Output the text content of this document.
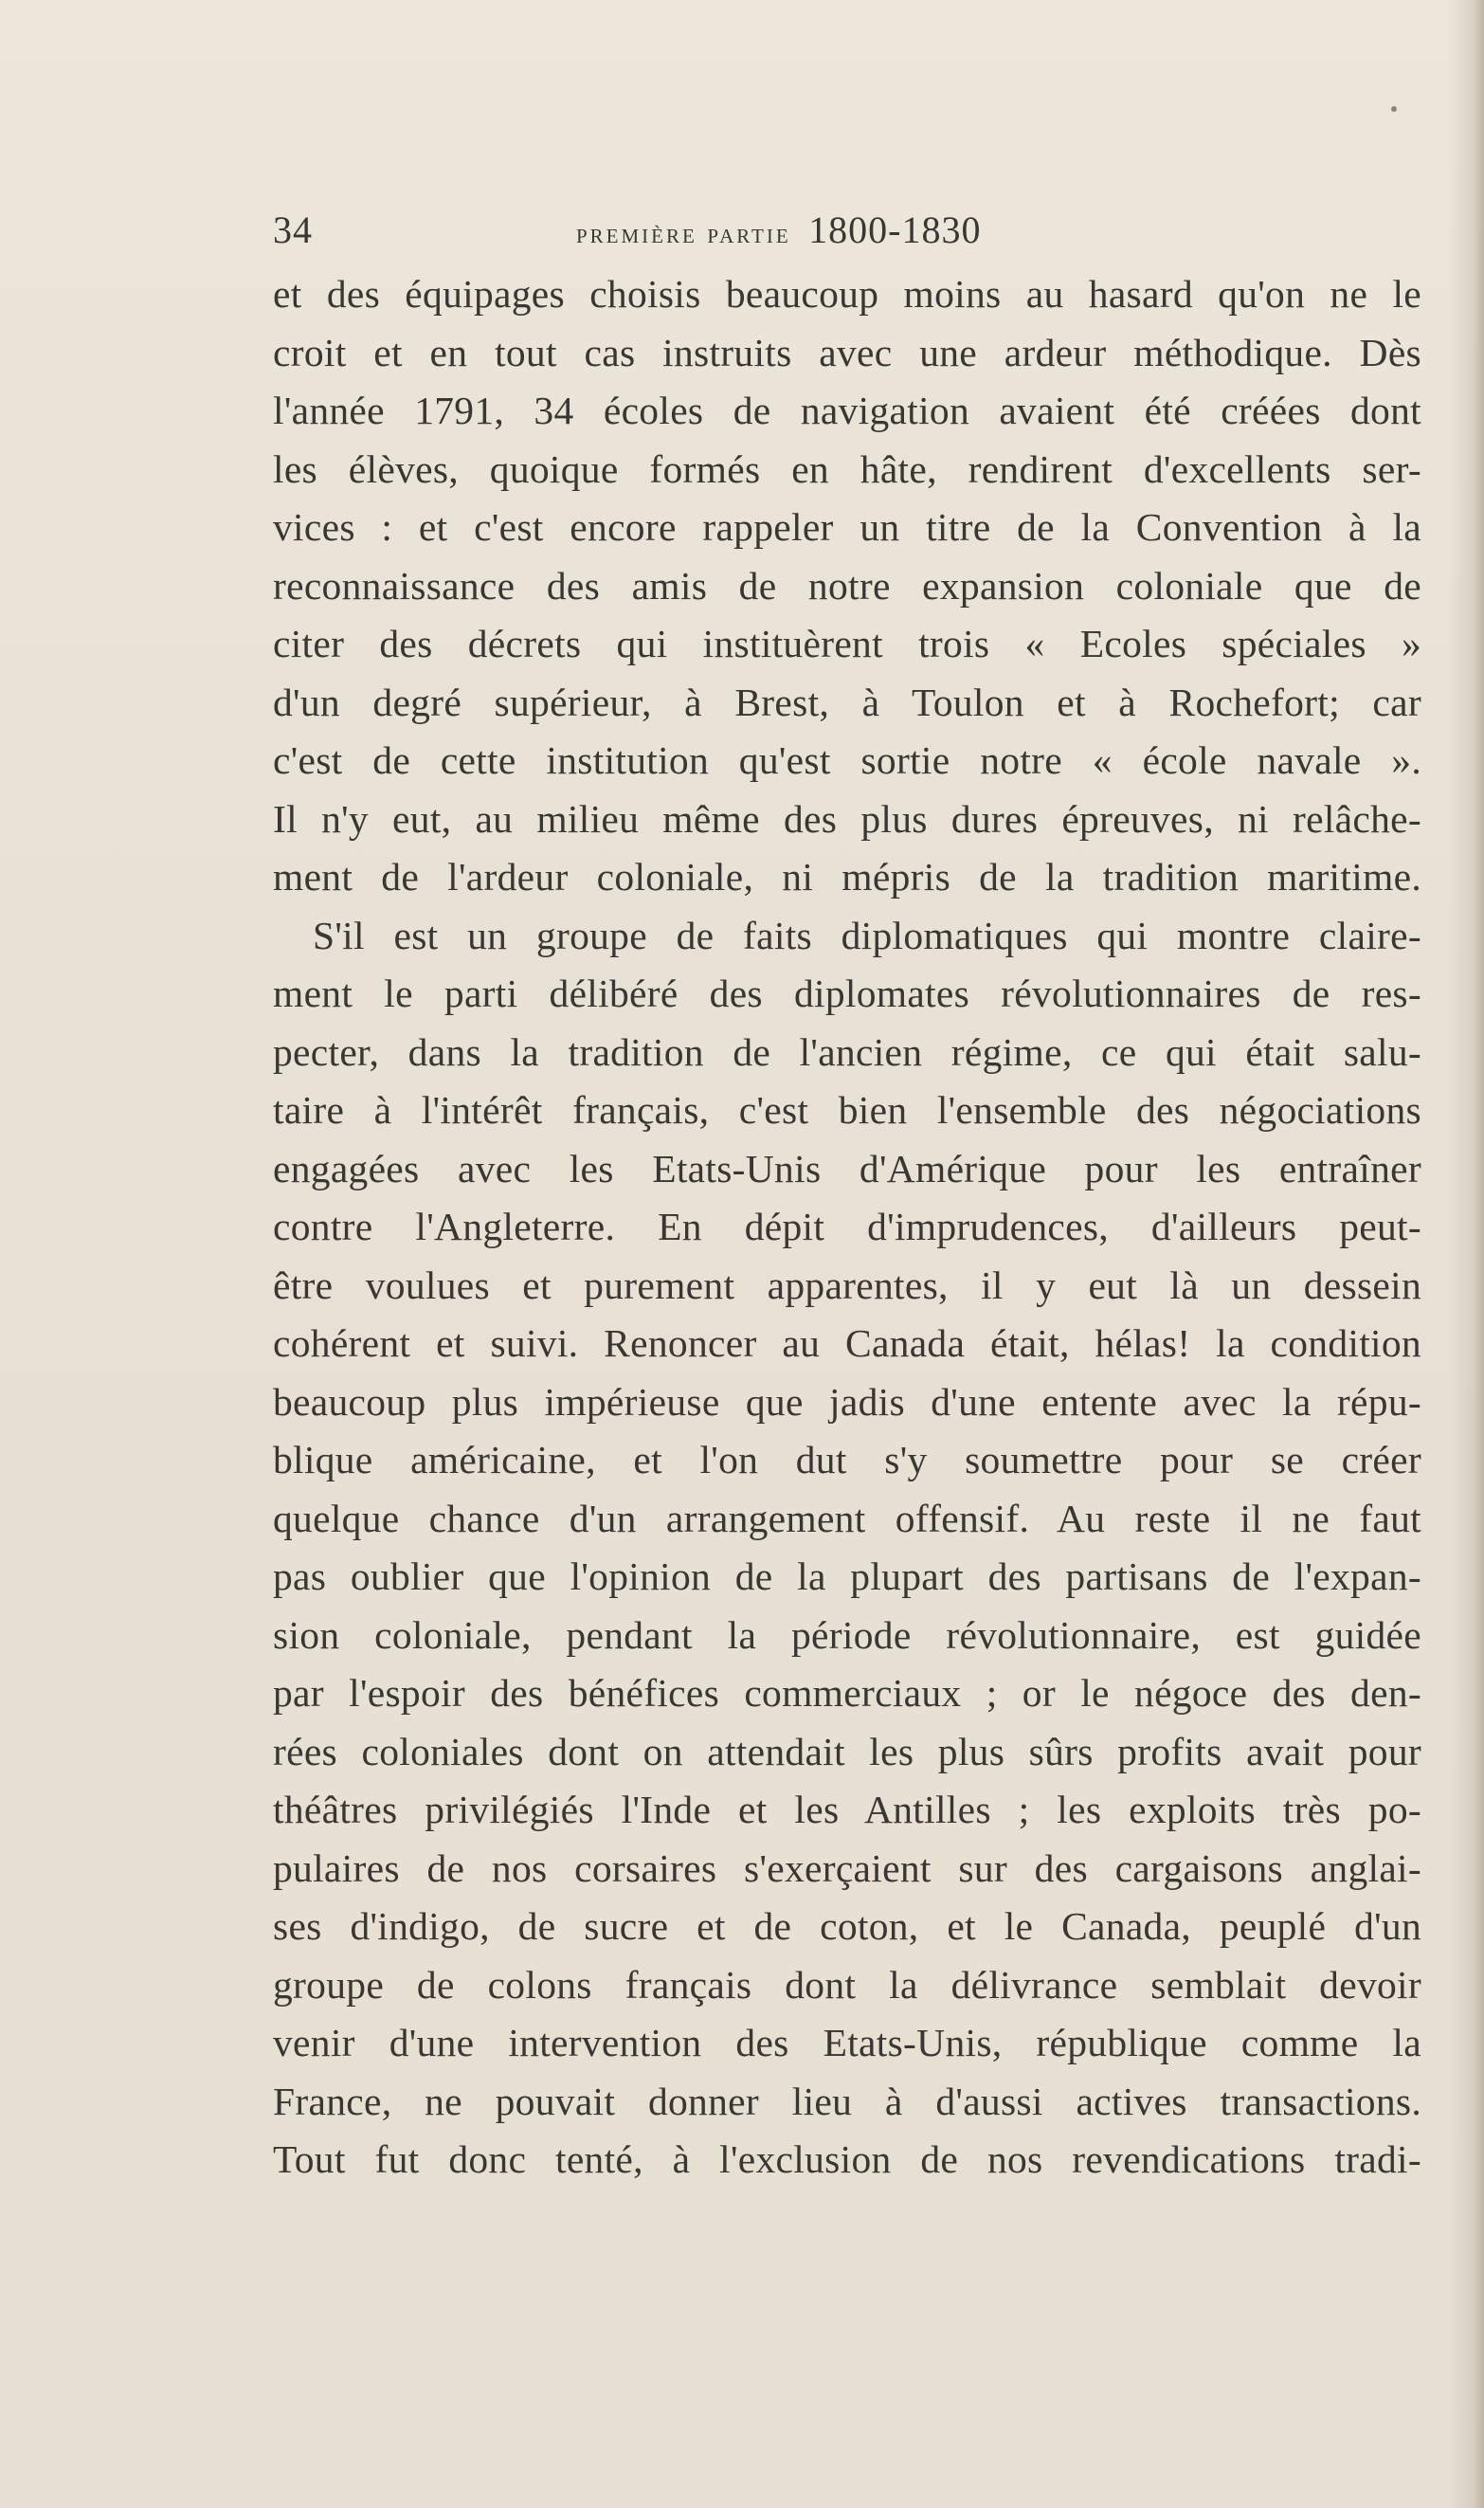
34	première partie 1800-1830
et des équipages choisis beaucoup moins au hasard qu'on ne le
croit et en tout cas instruits avec une ardeur méthodique. Dès
l'année 1791, 34 écoles de navigation avaient été créées dont
les élèves, quoique formés en hâte, rendirent d'excellents ser-
vices : et c'est encore rappeler un titre de la Convention à la
reconnaissance des amis de notre expansion coloniale que de
citer des décrets qui instituèrent trois « Ecoles spéciales »
d'un degré supérieur, à Brest, à Toulon et à Rochefort; car
c'est de cette institution qu'est sortie notre « école navale ».
Il n'y eut, au milieu même des plus dures épreuves, ni relâche-
ment de l'ardeur coloniale, ni mépris de la tradition maritime.
S'il est un groupe de faits diplomatiques qui montre claire-
ment le parti délibéré des diplomates révolutionnaires de res-
pecter, dans la tradition de l'ancien régime, ce qui était salu-
taire à l'intérêt français, c'est bien l'ensemble des négociations
engagées avec les Etats-Unis d'Amérique pour les entraîner
contre l'Angleterre. En dépit d'imprudences, d'ailleurs peut-
être voulues et purement apparentes, il y eut là un dessein
cohérent et suivi. Renoncer au Canada était, hélas! la condition
beaucoup plus impérieuse que jadis d'une entente avec la répu-
blique américaine, et l'on dut s'y soumettre pour se créer
quelque chance d'un arrangement offensif. Au reste il ne faut
pas oublier que l'opinion de la plupart des partisans de l'expan-
sion coloniale, pendant la période révolutionnaire, est guidée
par l'espoir des bénéfices commerciaux ; or le négoce des den-
rées coloniales dont on attendait les plus sûrs profits avait pour
théâtres privilégiés l'Inde et les Antilles ; les exploits très po-
pulaires de nos corsaires s'exerçaient sur des cargaisons anglai-
ses d'indigo, de sucre et de coton, et le Canada, peuplé d'un
groupe de colons français dont la délivrance semblait devoir
venir d'une intervention des Etats-Unis, république comme la
France, ne pouvait donner lieu à d'aussi actives transactions.
Tout fut donc tenté, à l'exclusion de nos revendications tradi-
